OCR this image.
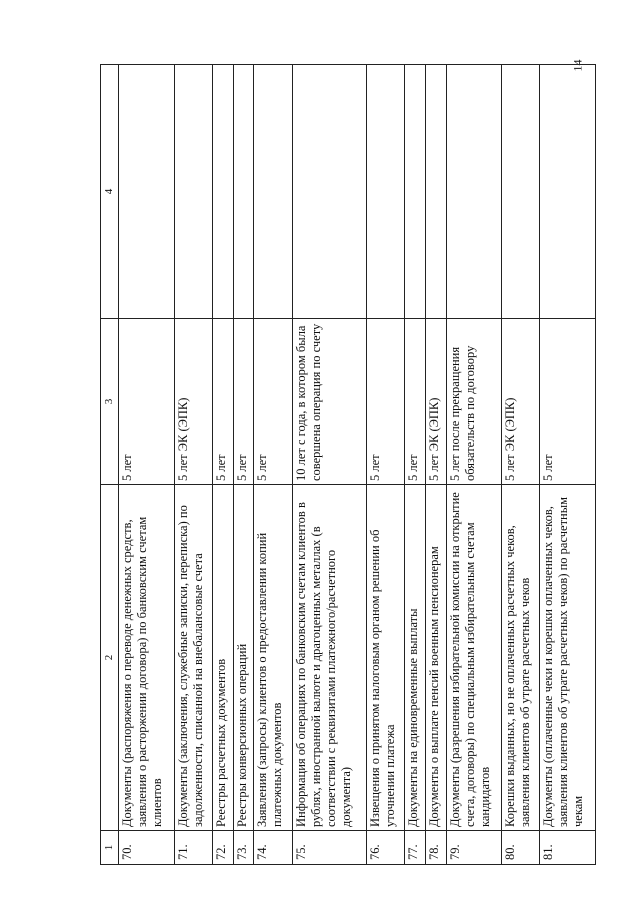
14
1	2	3	4
70.	Документы (распоряжения о переводе денежных средств, заявления о расторжении договора) по банковским счетам клиентов	5 лет	
71.	Документы (заключения, служебные записки, переписка) по задолженности, списанной на внебалансовые счета	5 лет ЭК (ЭПК)	
72.	Реестры расчетных документов	5 лет	
73.	Реестры конверсионных операций	5 лет	
74.	Заявления (запросы) клиентов о предоставлении копий платежных документов	5 лет	
75.	Информация об операциях по банковским счетам клиентов в рублях, иностранной валюте и драгоценных металлах (в соответствии с реквизитами платежного/расчетного документа)	10 лет с года, в котором была совершена операция по счету	
76.	Извещения о принятом налоговым органом решении об уточнении платежа	5 лет	
77.	Документы на единовременные выплаты	5 лет	
78.	Документы о выплате пенсий военным пенсионерам	5 лет ЭК (ЭПК)	
79.	Документы (разрешения избирательной комиссии на открытие счета, договоры) по специальным избирательным счетам кандидатов	5 лет после прекращения обязательств по договору	
80.	Корешки выданных, но не оплаченных расчетных чеков, заявления клиентов об утрате расчетных чеков	5 лет ЭК (ЭПК)	
81.	Документы (оплаченные чеки и корешки оплаченных чеков, заявления клиентов об утрате расчетных чеков) по расчетным чекам	5 лет	
